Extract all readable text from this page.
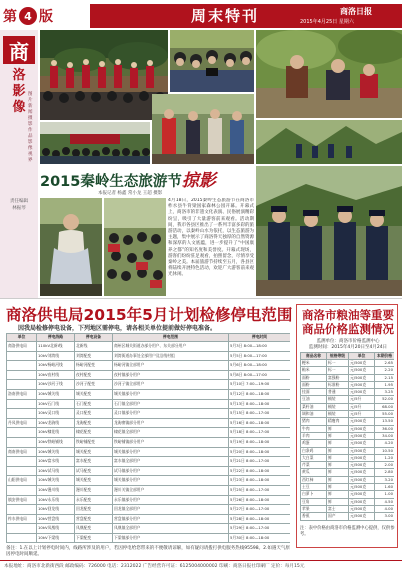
第 4 版	周末特刊	商洛日报
2015年4月25日 星期六
商
洛影像
图片新闻 摄影作品 影像视界
责任编辑
林振琴
2015秦岭生态旅游节掠影
本报记者 杨鑫 常小龙 王超 摄影
4月18日，2015秦岭生态旅游节在商洛市柞水县牛背梁国家森林公园开幕。开幕式上，商洛市的非遗文化表演、民俗展演精彩纷呈，吸引了大量游客前来观看。活动期间，我市各县区推出了一系列丰富多彩的旅游活动，以秦岭山水为依托，以生态旅游为主题，集中展示了商洛得天独厚的自然资源和深厚的人文底蕴，进一步提升了“中国康养之都”的知名度和美誉度。开幕式现场，游客们纷纷驻足观看，拍照留念，尽情享受秦岭之美。本届旅游节持续至五月，各县区将陆续开展特色活动，欢迎广大游客前来观光休闲。
商洛供电局2015年5月计划检修停电范围
因我局检修停电设备，下列地区需停电，请各相关单位提前做好停电准备。
单位	停电线路	停电设备	停电范围	停电时间
商洛供电局	110kV北新Ⅰ线	北新线	商州区城关街道办部分用户、东关部分用户	5月3日 8:00—18:00
	10kV刘湾线	刘湾配变	刘湾街道办事处全部用户及沿线村组	5月5日 8:00—17:00
	10kV杨峪河线	杨峪河配变	杨峪河镇全部用户	5月6日 8:00—18:00
	10kV夜村线	夜村配变	夜村镇部分用户	5月8日 8:00—17:00
	10kV沙河子线	沙河子配变	沙河子镇全部用户	5月10日 7:00—19:00
洛南供电局	10kV城关线	城关配变	城关镇部分用户	5月12日 8:00—18:00
	10kV石门线	石门配变	石门镇全部用户	5月13日 8:00—18:00
	10kV灵口线	灵口配变	灵口镇部分用户	5月15日 8:00—17:00
丹凤供电局	10kV龙驹线	龙驹配变	龙驹寨镇部分用户	5月16日 8:00—18:00
	10kV棣花线	棣花配变	棣花镇全部用户	5月18日 8:00—17:00
	10kV铁峪铺线	铁峪铺配变	铁峪铺镇部分用户	5月19日 8:00—18:00
商南供电局	10kV城关线	城关配变	城关镇部分用户	5月20日 8:00—18:00
	10kV富水线	富水配变	富水镇全部用户	5月21日 8:00—17:00
	10kV试马线	试马配变	试马镇部分用户	5月22日 8:00—18:00
山阳供电局	10kV城关线	城关配变	城关镇部分用户	5月23日 8:00—18:00
	10kV漫川线	漫川配变	漫川关镇全部用户	5月25日 8:00—17:00
镇安供电局	10kV永乐线	永乐配变	永乐镇部分用户	5月26日 8:00—18:00
	10kV回龙线	回龙配变	回龙镇全部用户	5月27日 8:00—17:00
柞水供电局	10kV营盘线	营盘配变	营盘镇部分用户	5月28日 8:00—18:00
	10kV凤凰线	凤凰配变	凤凰镇全部用户	5月29日 8:00—17:00
	10kV下梁线	下梁配变	下梁镇部分用户	5月30日 8:00—18:00
备注：1.在以上计划停电时间内，线路所涉及的用户，若因停电给您带来的不便敬请谅解，如有疑问请拨打供电服务热线95598。2.如遇天气原因停电时间顺延。
商洛市粮油等重要商品价格监测情况
监测单位：商洛市价格监测中心
监测时间：2015年4月20日至4月24日
商品名称	规格等级	单位	本期价格
粳米	标一	元/500克	2.65
籼米	标一	元/500克	2.20
面粉	富强粉	元/500克	2.15
面粉	标准粉	元/500克	1.95
挂面	普通	元/500克	3.25
豆油	桶装	元/5升	52.00
菜籽油	桶装	元/5升	68.00
调和油	桶装	元/5升	55.00
猪肉	精瘦肉	元/500克	13.50
牛肉	鲜	元/500克	36.00
羊肉	鲜	元/500克	34.00
鸡蛋	鲜	元/500克	4.20
白条鸡	鲜	元/500克	10.50
大白菜	鲜	元/500克	1.20
芹菜	鲜	元/500克	2.00
黄瓜	鲜	元/500克	2.80
西红柿	鲜	元/500克	3.20
土豆	鲜	元/500克	1.60
白萝卜	鲜	元/500克	1.00
豆角	鲜	元/500克	4.50
苹果	富士	元/500克	4.00
香蕉	国产	元/500克	3.00
注：表中价格由商洛市价格监测中心提供，仅供参考。
本报地址：商洛市北新街西段 邮政编码：726000 电话：2312022 广告经营许可证：6125004000002 印刷：商洛日报社印刷厂 定价：每月15元
